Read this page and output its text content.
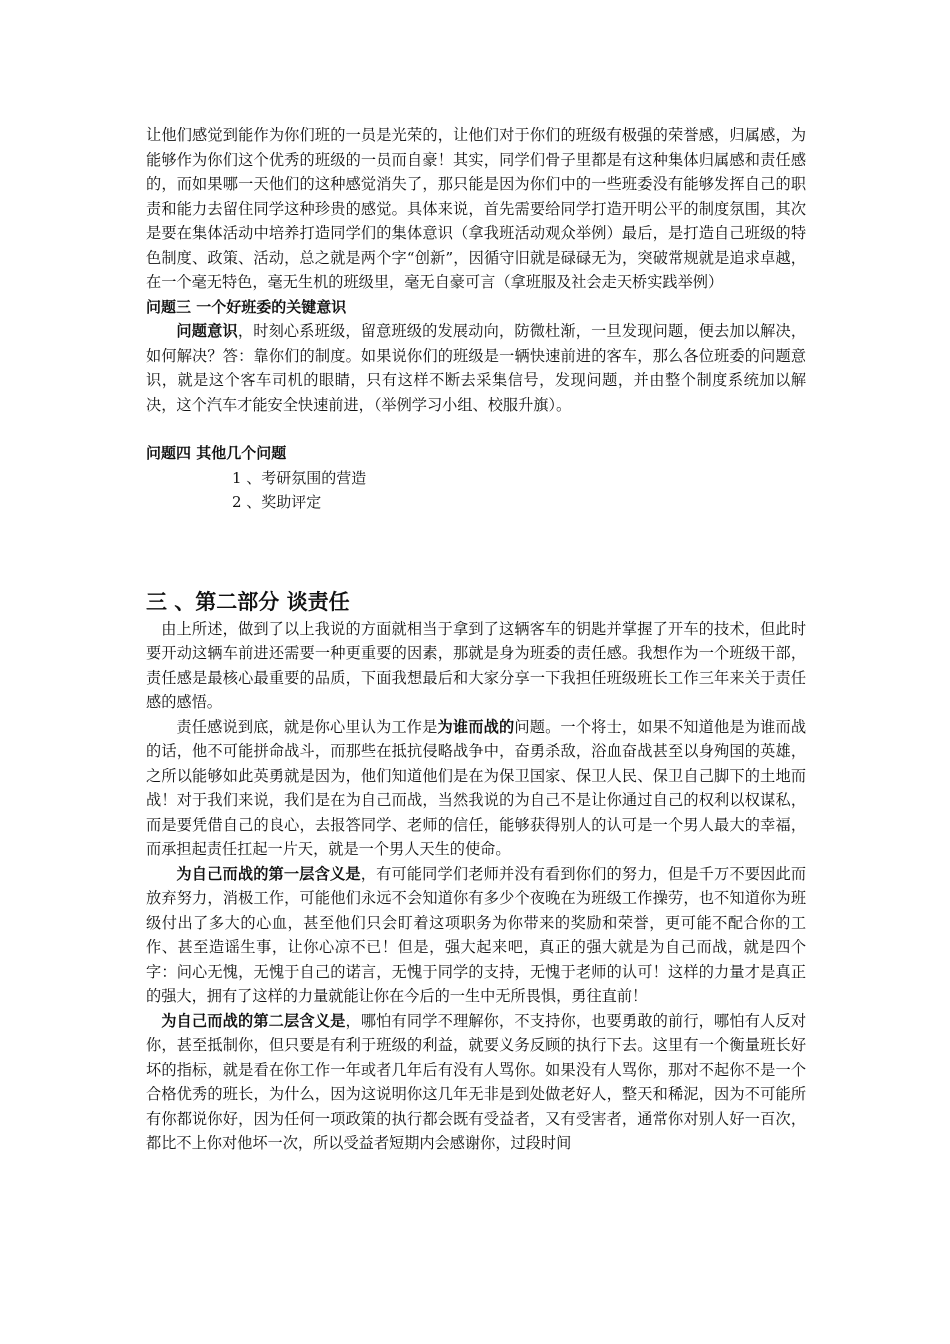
让他们感觉到能作为你们班的一员是光荣的，让他们对于你们的班级有极强的荣誉感，归属感，为能够作为你们这个优秀的班级的一员而自豪！其实，同学们骨子里都是有这种集体归属感和责任感的，而如果哪一天他们的这种感觉消失了，那只能是因为你们中的一些班委没有能够发挥自己的职责和能力去留住同学这种珍贵的感觉。具体来说，首先需要给同学打造开明公平的制度氛围，其次是要在集体活动中培养打造同学们的集体意识（拿我班活动观众举例）最后，是打造自己班级的特色制度、政策、活动，总之就是两个字“创新”，因循守旧就是碌碌无为，突破常规就是追求卓越，在一个毫无特色，毫无生机的班级里，毫无自豪可言（拿班服及社会走天桥实践举例）

问题三 一个好班委的关键意识

问题意识，时刻心系班级，留意班级的发展动向，防微杜渐，一旦发现问题，便去加以解决，如何解决？答：靠你们的制度。如果说你们的班级是一辆快速前进的客车，那么各位班委的问题意识，就是这个客车司机的眼睛，只有这样不断去采集信号，发现问题，并由整个制度系统加以解决，这个汽车才能安全快速前进，（举例学习小组、校服升旗）。

问题四 其他几个问题
1 、考研氛围的营造
2 、奖助评定
三 、第二部分 谈责任

由上所述，做到了以上我说的方面就相当于拿到了这辆客车的钥匙并掌握了开车的技术，但此时要开动这辆车前进还需要一种更重要的因素，那就是身为班委的责任感。我想作为一个班级干部，责任感是最核心最重要的品质，下面我想最后和大家分享一下我担任班级班长工作三年来关于责任感的感悟。

责任感说到底，就是你心里认为工作是为谁而战的问题。一个将士，如果不知道他是为谁而战的话，他不可能拼命战斗，而那些在抵抗侵略战争中，奋勇杀敌，浴血奋战甚至以身殉国的英雄，之所以能够如此英勇就是因为，他们知道他们是在为保卫国家、保卫人民、保卫自己脚下的土地而战！对于我们来说，我们是在为自己而战，当然我说的为自己不是让你通过自己的权利以权谋私，而是要凭借自己的良心，去报答同学、老师的信任，能够获得别人的认可是一个男人最大的幸福，而承担起责任扛起一片天，就是一个男人天生的使命。

为自己而战的第一层含义是，有可能同学们老师并没有看到你们的努力，但是千万不要因此而放弃努力，消极工作，可能他们永远不会知道你有多少个夜晚在为班级工作操劳，也不知道你为班级付出了多大的心血，甚至他们只会盯着这项职务为你带来的奖励和荣誉，更可能不配合你的工作、甚至造谣生事，让你心凉不已！但是，强大起来吧，真正的强大就是为自己而战，就是四个字：问心无愧，无愧于自己的诺言，无愧于同学的支持，无愧于老师的认可！这样的力量才是真正的强大，拥有了这样的力量就能让你在今后的一生中无所畏惧，勇往直前！

为自己而战的第二层含义是，哪怕有同学不理解你，不支持你，也要勇敢的前行，哪怕有人反对你，甚至抵制你，但只要是有利于班级的利益，就要义务反顾的执行下去。这里有一个衡量班长好坏的指标，就是看在你工作一年或者几年后有没有人骂你。如果没有人骂你，那对不起你不是一个合格优秀的班长，为什么，因为这说明你这几年无非是到处做老好人，整天和稀泥，因为不可能所有你都说你好，因为任何一项政策的执行都会既有受益者，又有受害者，通常你对别人好一百次，都比不上你对他坏一次，所以受益者短期内会感谢你，过段时间
